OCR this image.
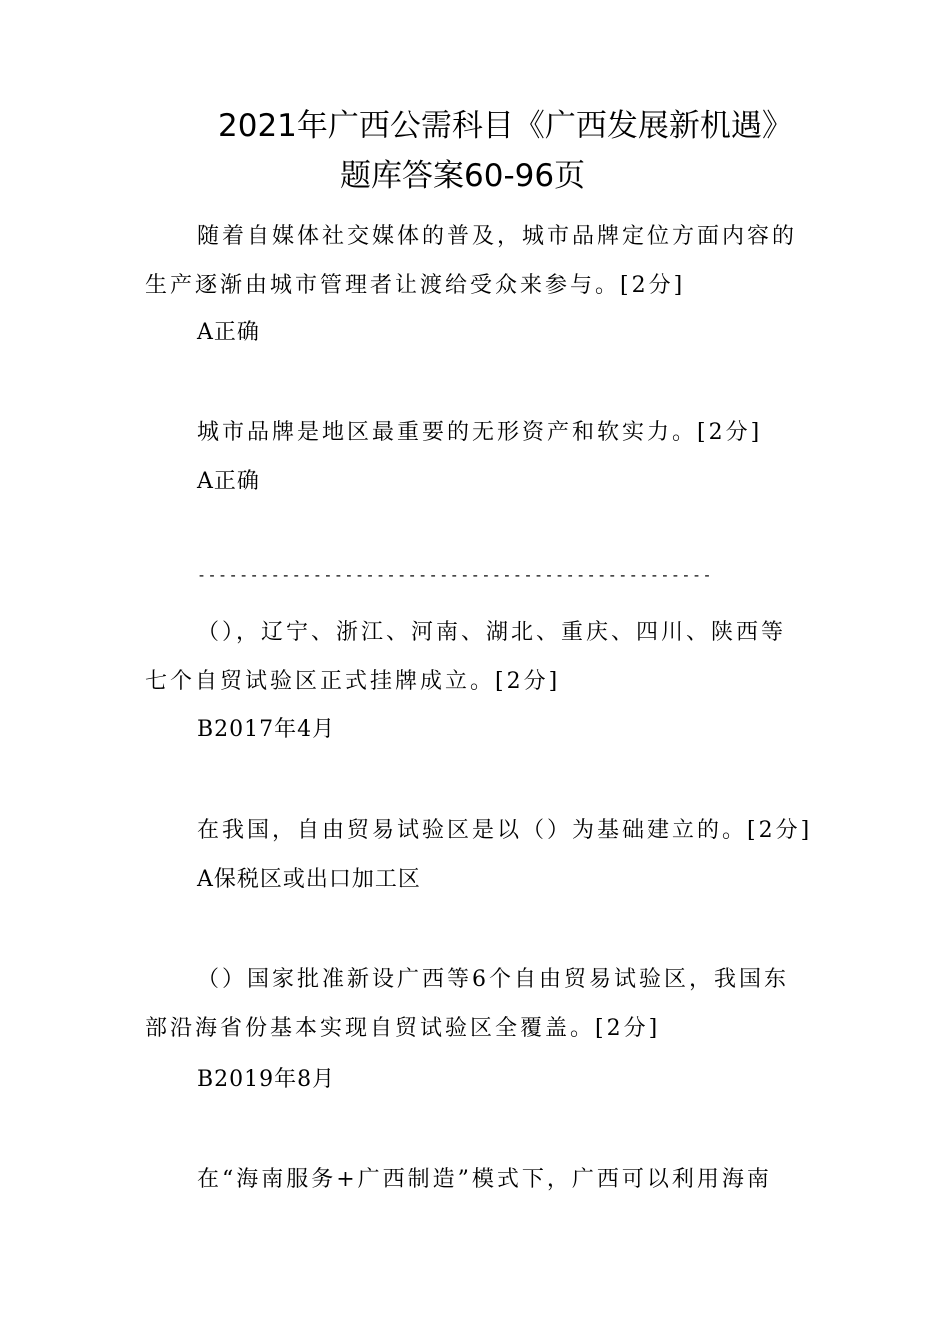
2021年广西公需科目《广西发展新机遇》
题库答案60-96页
随着自媒体社交媒体的普及，城市品牌定位方面内容的
生产逐渐由城市管理者让渡给受众来参与。[2分]
A正确
城市品牌是地区最重要的无形资产和软实力。[2分]
A正确
-------------------------------------------------
（），辽宁、浙江、河南、湖北、重庆、四川、陕西等
七个自贸试验区正式挂牌成立。[2分]
B2017年4月
在我国，自由贸易试验区是以（）为基础建立的。[2分]
A保税区或出口加工区
（）国家批准新设广西等6个自由贸易试验区，我国东
部沿海省份基本实现自贸试验区全覆盖。[2分]
B2019年8月
在“海南服务+广西制造”模式下，广西可以利用海南
